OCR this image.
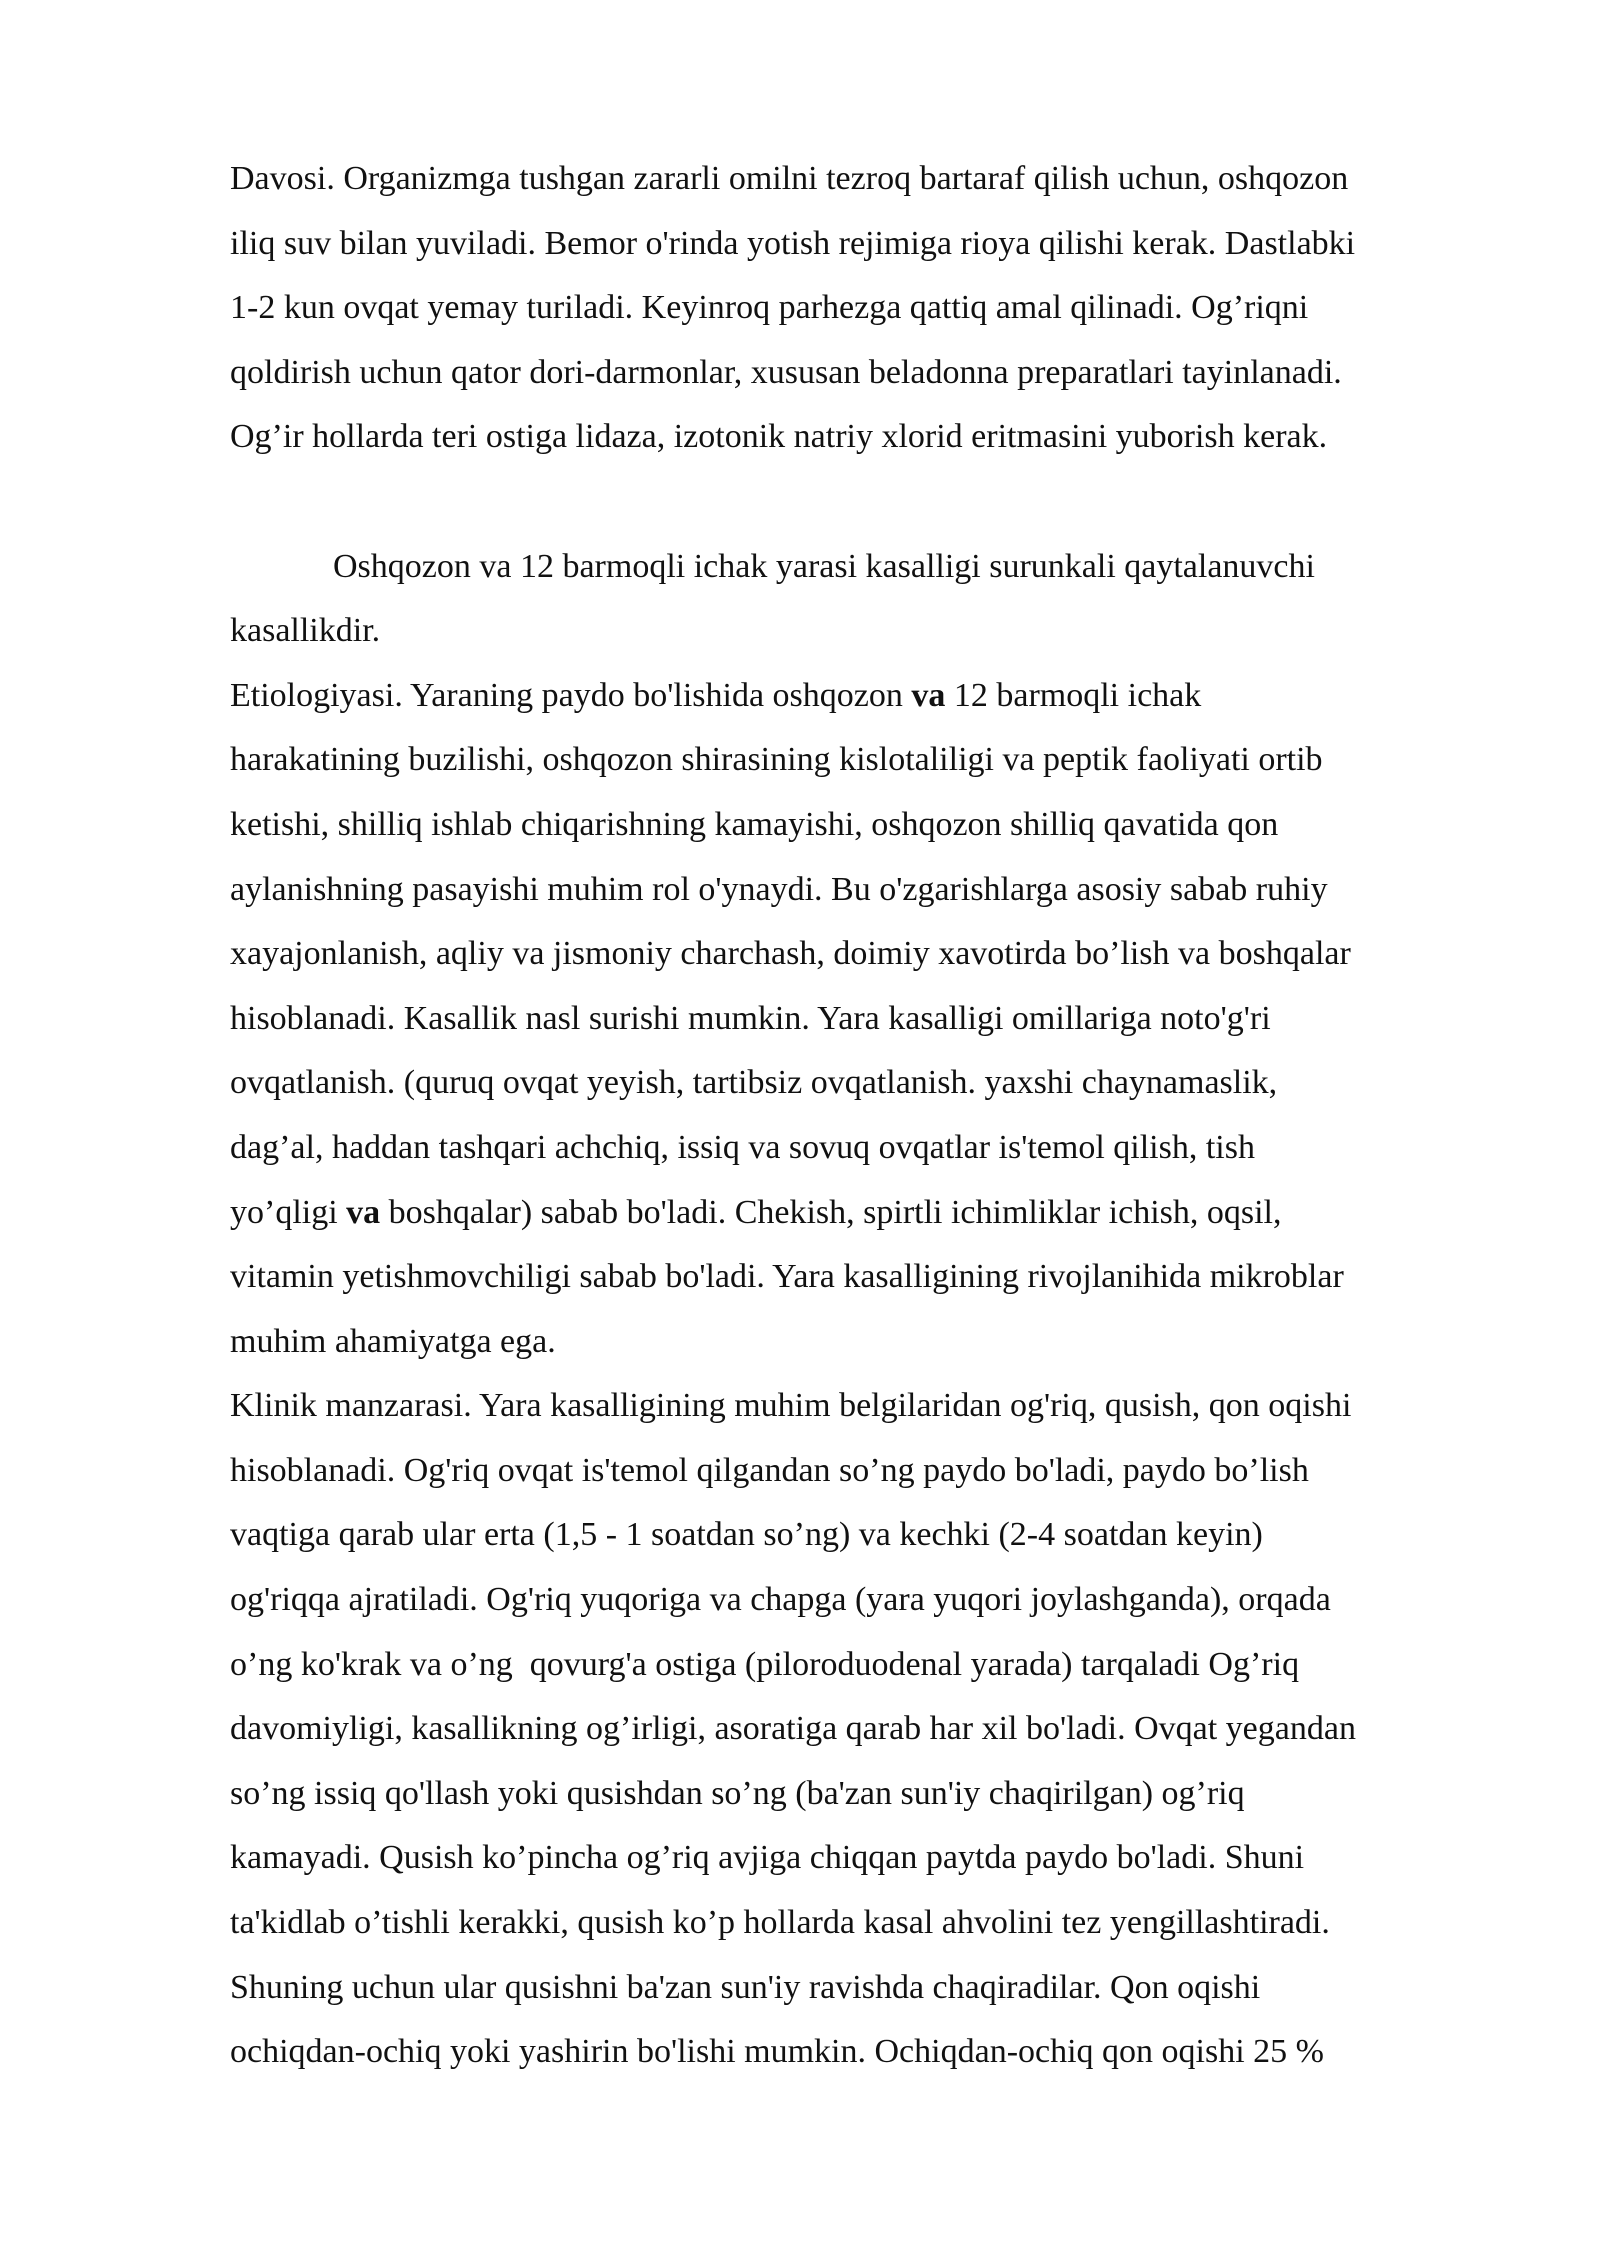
Davosi. Organizmga tushgan zararli omilni tezroq bartaraf qilish uchun, oshqozon
iliq suv bilan yuviladi. Bemor o'rinda yotish rejimiga rioya qilishi kerak. Dastlabki
1-2 kun ovqat yemay turiladi. Keyinroq parhezga qattiq amal qilinadi. Og’riqni
qoldirish uchun qator dori-darmonlar, xususan beladonna preparatlari tayinlanadi.
Og’ir hollarda teri ostiga lidaza, izotonik natriy xlorid eritmasini yuborish kerak.
Oshqozon va 12 barmoqli ichak yarasi kasalligi surunkali qaytalanuvchi
kasallikdir.
Etiologiyasi. Yaraning paydo bo'lishida oshqozon va 12 barmoqli ichak
harakatining buzilishi, oshqozon shirasining kislotaliligi va peptik faoliyati ortib
ketishi, shilliq ishlab chiqarishning kamayishi, oshqozon shilliq qavatida qon
aylanishning pasayishi muhim rol o'ynaydi. Bu o'zgarishlarga asosiy sabab ruhiy
xayajonlanish, aqliy va jismoniy charchash, doimiy xavotirda bo’lish va boshqalar
hisoblanadi. Kasallik nasl surishi mumkin. Yara kasalligi omillariga noto'g'ri
ovqatlanish. (quruq ovqat yeyish, tartibsiz ovqatlanish. yaxshi chaynamaslik,
dag’al, haddan tashqari achchiq, issiq va sovuq ovqatlar is'temol qilish, tish
yo’qligi va boshqalar) sabab bo'ladi. Chekish, spirtli ichimliklar ichish, oqsil,
vitamin yetishmovchiligi sabab bo'ladi. Yara kasalligining rivojlanihida mikroblar
muhim ahamiyatga ega.
Klinik manzarasi. Yara kasalligining muhim belgilaridan og'riq, qusish, qon oqishi
hisoblanadi. Og'riq ovqat is'temol qilgandan so’ng paydo bo'ladi, paydo bo’lish
vaqtiga qarab ular erta (1,5 - 1 soatdan so’ng) va kechki (2-4 soatdan keyin)
og'riqqa ajratiladi. Og'riq yuqoriga va chapga (yara yuqori joylashganda), orqada
o’ng ko'krak va o’ng  qovurg'a ostiga (piloroduodenal yarada) tarqaladi Og’riq
davomiyligi, kasallikning og’irligi, asoratiga qarab har xil bo'ladi. Ovqat yegandan
so’ng issiq qo'llash yoki qusishdan so’ng (ba'zan sun'iy chaqirilgan) og’riq
kamayadi. Qusish ko’pincha og’riq avjiga chiqqan paytda paydo bo'ladi. Shuni
ta'kidlab o’tishli kerakki, qusish ko’p hollarda kasal ahvolini tez yengillashtiradi.
Shuning uchun ular qusishni ba'zan sun'iy ravishda chaqiradilar. Qon oqishi
ochiqdan-ochiq yoki yashirin bo'lishi mumkin. Ochiqdan-ochiq qon oqishi 25 %
